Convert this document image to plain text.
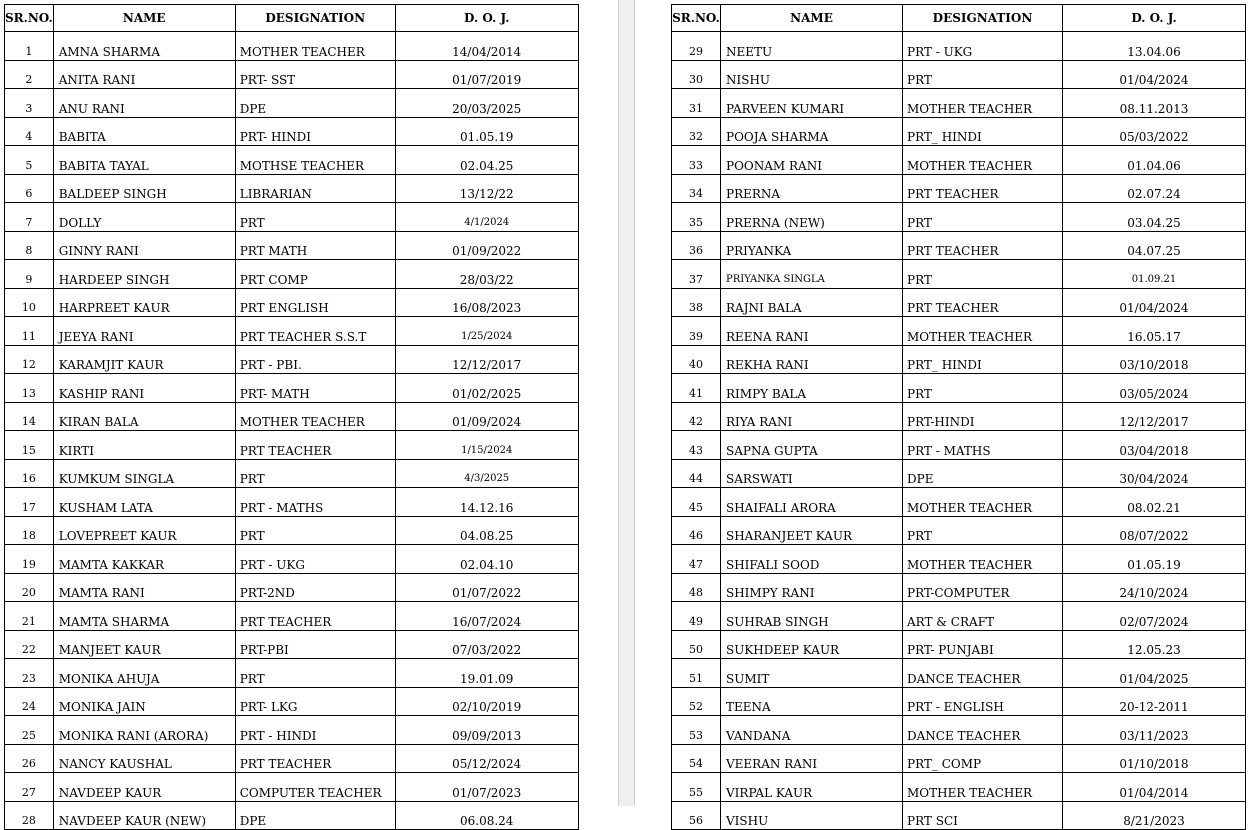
SR.NO.	NAME	DESIGNATION	D. O. J.
1	AMNA SHARMA	MOTHER TEACHER	14/04/2014
2	ANITA RANI	PRT- SST	01/07/2019
3	ANU RANI	DPE	20/03/2025
4	BABITA	PRT- HINDI	01.05.19
5	BABITA TAYAL	MOTHSE TEACHER	02.04.25
6	BALDEEP SINGH	LIBRARIAN	13/12/22
7	DOLLY	PRT	4/1/2024
8	GINNY RANI	PRT MATH	01/09/2022
9	HARDEEP SINGH	PRT COMP	28/03/22
10	HARPREET KAUR	PRT ENGLISH	16/08/2023
11	JEEYA RANI	PRT TEACHER S.S.T	1/25/2024
12	KARAMJIT KAUR	PRT - PBI.	12/12/2017
13	KASHIP RANI	PRT- MATH	01/02/2025
14	KIRAN BALA	MOTHER TEACHER	01/09/2024
15	KIRTI	PRT TEACHER	1/15/2024
16	KUMKUM SINGLA	PRT	4/3/2025
17	KUSHAM LATA	PRT - MATHS	14.12.16
18	LOVEPREET KAUR	PRT	04.08.25
19	MAMTA KAKKAR	PRT - UKG	02.04.10
20	MAMTA RANI	PRT-2ND	01/07/2022
21	MAMTA SHARMA	PRT TEACHER	16/07/2024
22	MANJEET KAUR	PRT-PBI	07/03/2022
23	MONIKA AHUJA	PRT	19.01.09
24	MONIKA JAIN	PRT- LKG	02/10/2019
25	MONIKA RANI (ARORA)	PRT - HINDI	09/09/2013
26	NANCY KAUSHAL	PRT TEACHER	05/12/2024
27	NAVDEEP KAUR	COMPUTER TEACHER	01/07/2023
28	NAVDEEP KAUR (NEW)	DPE	06.08.24
SR.NO.	NAME	DESIGNATION	D. O. J.
29	NEETU	PRT - UKG	13.04.06
30	NISHU	PRT	01/04/2024
31	PARVEEN KUMARI	MOTHER TEACHER	08.11.2013
32	POOJA SHARMA	PRT_ HINDI	05/03/2022
33	POONAM RANI	MOTHER TEACHER	01.04.06
34	PRERNA	PRT TEACHER	02.07.24
35	PRERNA (NEW)	PRT	03.04.25
36	PRIYANKA	PRT TEACHER	04.07.25
37	PRIYANKA SINGLA	PRT	01.09.21
38	RAJNI BALA	PRT TEACHER	01/04/2024
39	REENA RANI	MOTHER TEACHER	16.05.17
40	REKHA RANI	PRT_ HINDI	03/10/2018
41	RIMPY BALA	PRT	03/05/2024
42	RIYA RANI	PRT-HINDI	12/12/2017
43	SAPNA GUPTA	PRT - MATHS	03/04/2018
44	SARSWATI	DPE	30/04/2024
45	SHAIFALI ARORA	MOTHER TEACHER	08.02.21
46	SHARANJEET KAUR	PRT	08/07/2022
47	SHIFALI SOOD	MOTHER TEACHER	01.05.19
48	SHIMPY RANI	PRT-COMPUTER	24/10/2024
49	SUHRAB SINGH	ART & CRAFT	02/07/2024
50	SUKHDEEP KAUR	PRT- PUNJABI	12.05.23
51	SUMIT	DANCE TEACHER	01/04/2025
52	TEENA	PRT - ENGLISH	20-12-2011
53	VANDANA	DANCE TEACHER	03/11/2023
54	VEERAN RANI	PRT_ COMP	01/10/2018
55	VIRPAL KAUR	MOTHER TEACHER	01/04/2014
56	VISHU	PRT SCI	8/21/2023
